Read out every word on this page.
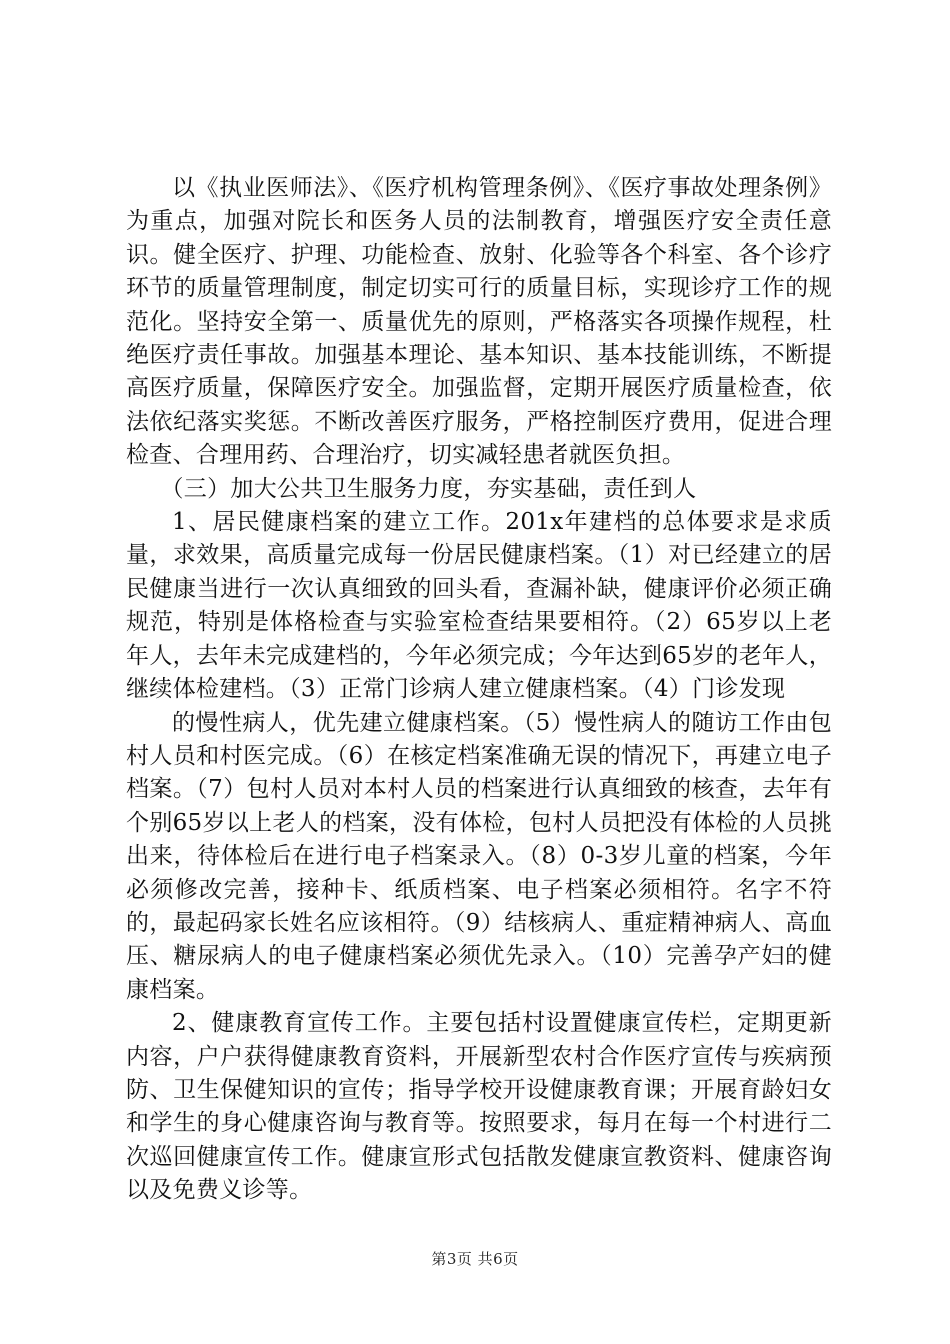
以《执业医师法》、《医疗机构管理条例》、《医疗事故处理条例》为重点，加强对院长和医务人员的法制教育，增强医疗安全责任意识。健全医疗、护理、功能检查、放射、化验等各个科室、各个诊疗环节的质量管理制度，制定切实可行的质量目标，实现诊疗工作的规范化。坚持安全第一、质量优先的原则，严格落实各项操作规程，杜绝医疗责任事故。加强基本理论、基本知识、基本技能训练，不断提高医疗质量，保障医疗安全。加强监督，定期开展医疗质量检查，依法依纪落实奖惩。不断改善医疗服务，严格控制医疗费用，促进合理检查、合理用药、合理治疗，切实减轻患者就医负担。

（三）加大公共卫生服务力度，夯实基础，责任到人

1、居民健康档案的建立工作。201x年建档的总体要求是求质量，求效果，高质量完成每一份居民健康档案。（1）对已经建立的居民健康当进行一次认真细致的回头看，查漏补缺，健康评价必须正确规范，特别是体格检查与实验室检查结果要相符。（2）65岁以上老年人，去年未完成建档的，今年必须完成；今年达到65岁的老年人，继续体检建档。（3）正常门诊病人建立健康档案。（4）门诊发现

的慢性病人，优先建立健康档案。（5）慢性病人的随访工作由包村人员和村医完成。（6）在核定档案准确无误的情况下，再建立电子档案。（7）包村人员对本村人员的档案进行认真细致的核查，去年有个别65岁以上老人的档案，没有体检，包村人员把没有体检的人员挑出来，待体检后在进行电子档案录入。（8）0-3岁儿童的档案，今年必须修改完善，接种卡、纸质档案、电子档案必须相符。名字不符的，最起码家长姓名应该相符。（9）结核病人、重症精神病人、高血压、糖尿病人的电子健康档案必须优先录入。（10）完善孕产妇的健康档案。

2、健康教育宣传工作。主要包括村设置健康宣传栏，定期更新内容，户户获得健康教育资料，开展新型农村合作医疗宣传与疾病预防、卫生保健知识的宣传；指导学校开设健康教育课；开展育龄妇女和学生的身心健康咨询与教育等。按照要求，每月在每一个村进行二次巡回健康宣传工作。健康宣形式包括散发健康宣教资料、健康咨询以及免费义诊等。

第3页 共6页
